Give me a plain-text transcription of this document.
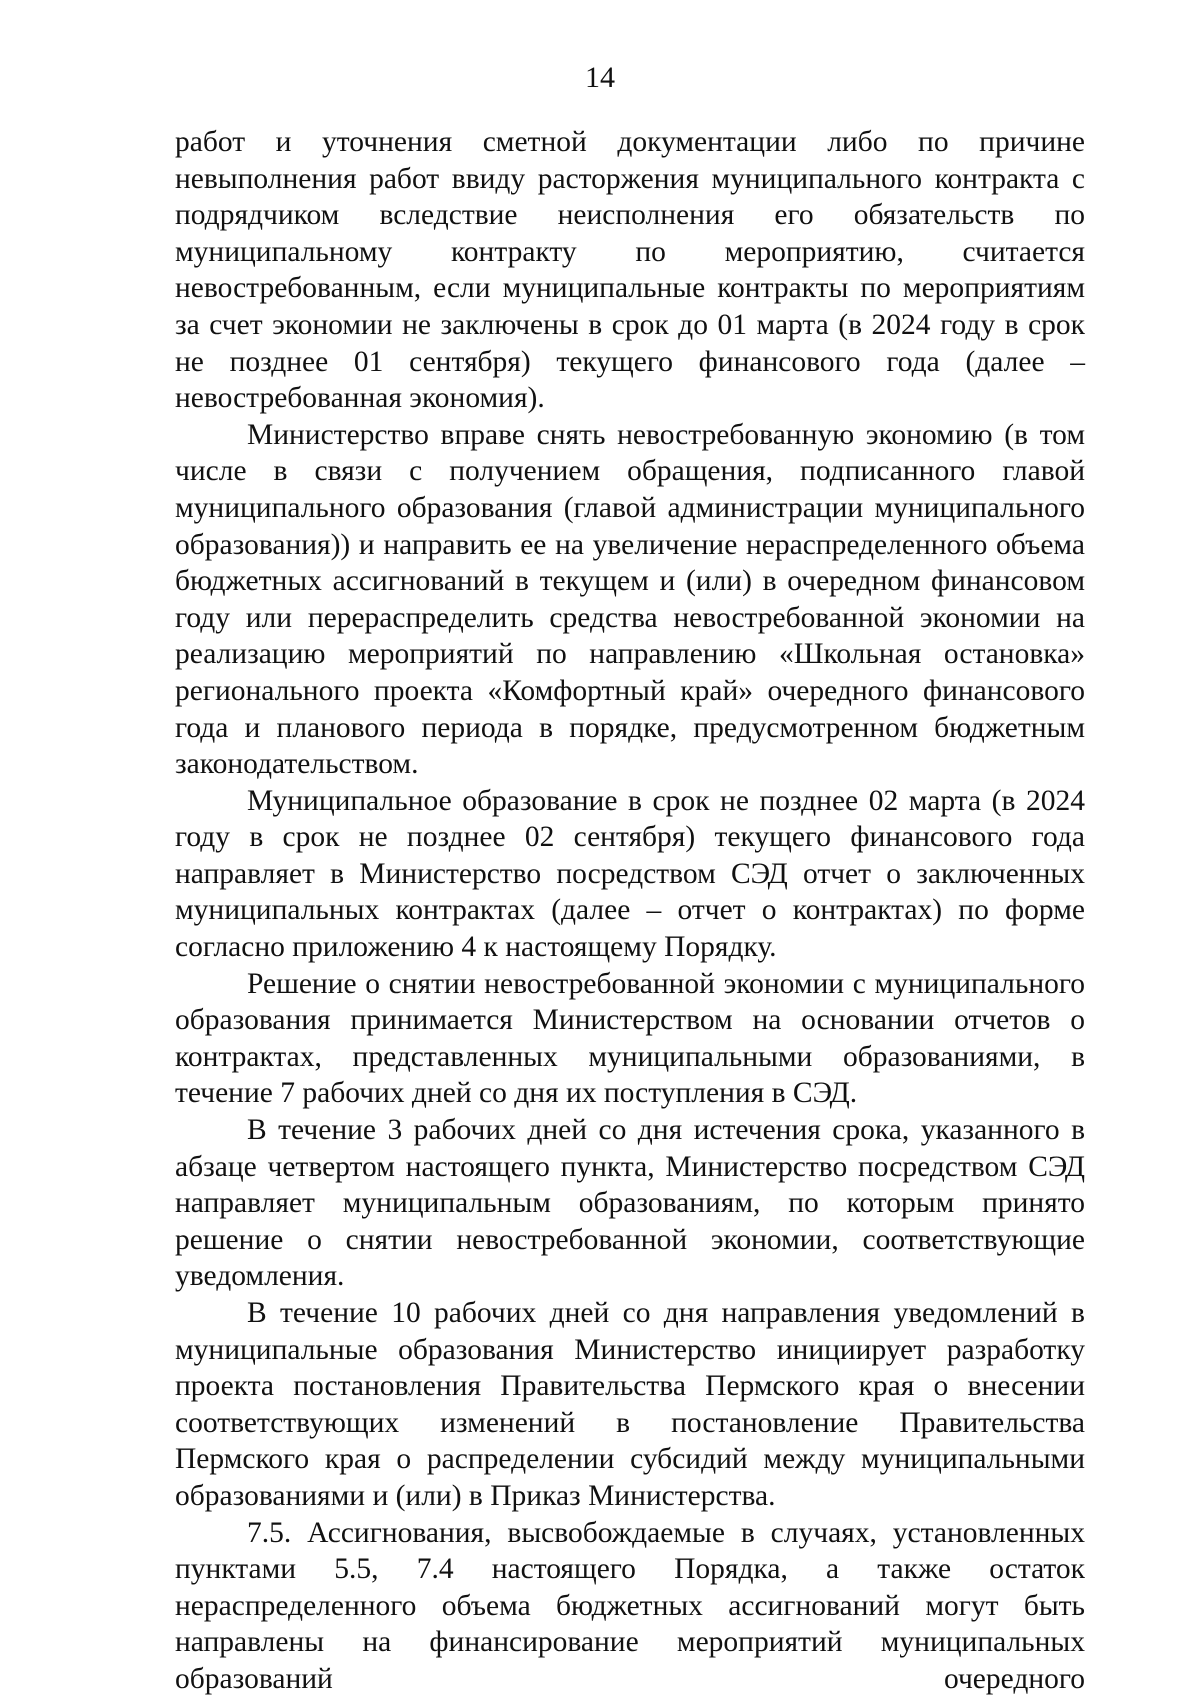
14

работ и уточнения сметной документации либо по причине невыполнения работ ввиду расторжения муниципального контракта с подрядчиком вследствие неисполнения его обязательств по муниципальному контракту по мероприятию, считается невостребованным, если муниципальные контракты по мероприятиям за счет экономии не заключены в срок до 01 марта (в 2024 году в срок не позднее 01 сентября) текущего финансового года (далее – невостребованная экономия).

Министерство вправе снять невостребованную экономию (в том числе в связи с получением обращения, подписанного главой муниципального образования (главой администрации муниципального образования)) и направить ее на увеличение нераспределенного объема бюджетных ассигнований в текущем и (или) в очередном финансовом году или перераспределить средства невостребованной экономии на реализацию мероприятий по направлению «Школьная остановка» регионального проекта «Комфортный край» очередного финансового года и планового периода в порядке, предусмотренном бюджетным законодательством.

Муниципальное образование в срок не позднее 02 марта (в 2024 году в срок не позднее 02 сентября) текущего финансового года направляет в Министерство посредством СЭД отчет о заключенных муниципальных контрактах (далее – отчет о контрактах) по форме согласно приложению 4 к настоящему Порядку.

Решение о снятии невостребованной экономии с муниципального образования принимается Министерством на основании отчетов о контрактах, представленных муниципальными образованиями, в течение 7 рабочих дней со дня их поступления в СЭД.

В течение 3 рабочих дней со дня истечения срока, указанного в абзаце четвертом настоящего пункта, Министерство посредством СЭД направляет муниципальным образованиям, по которым принято решение о снятии невостребованной экономии, соответствующие уведомления.

В течение 10 рабочих дней со дня направления уведомлений в муниципальные образования Министерство инициирует разработку проекта постановления Правительства Пермского края о внесении соответствующих изменений в постановление Правительства Пермского края о распределении субсидий между муниципальными образованиями и (или) в Приказ Министерства.

7.5. Ассигнования, высвобождаемые в случаях, установленных пунктами 5.5, 7.4 настоящего Порядка, а также остаток нераспределенного объема бюджетных ассигнований могут быть направлены на финансирование мероприятий муниципальных образований очередного
